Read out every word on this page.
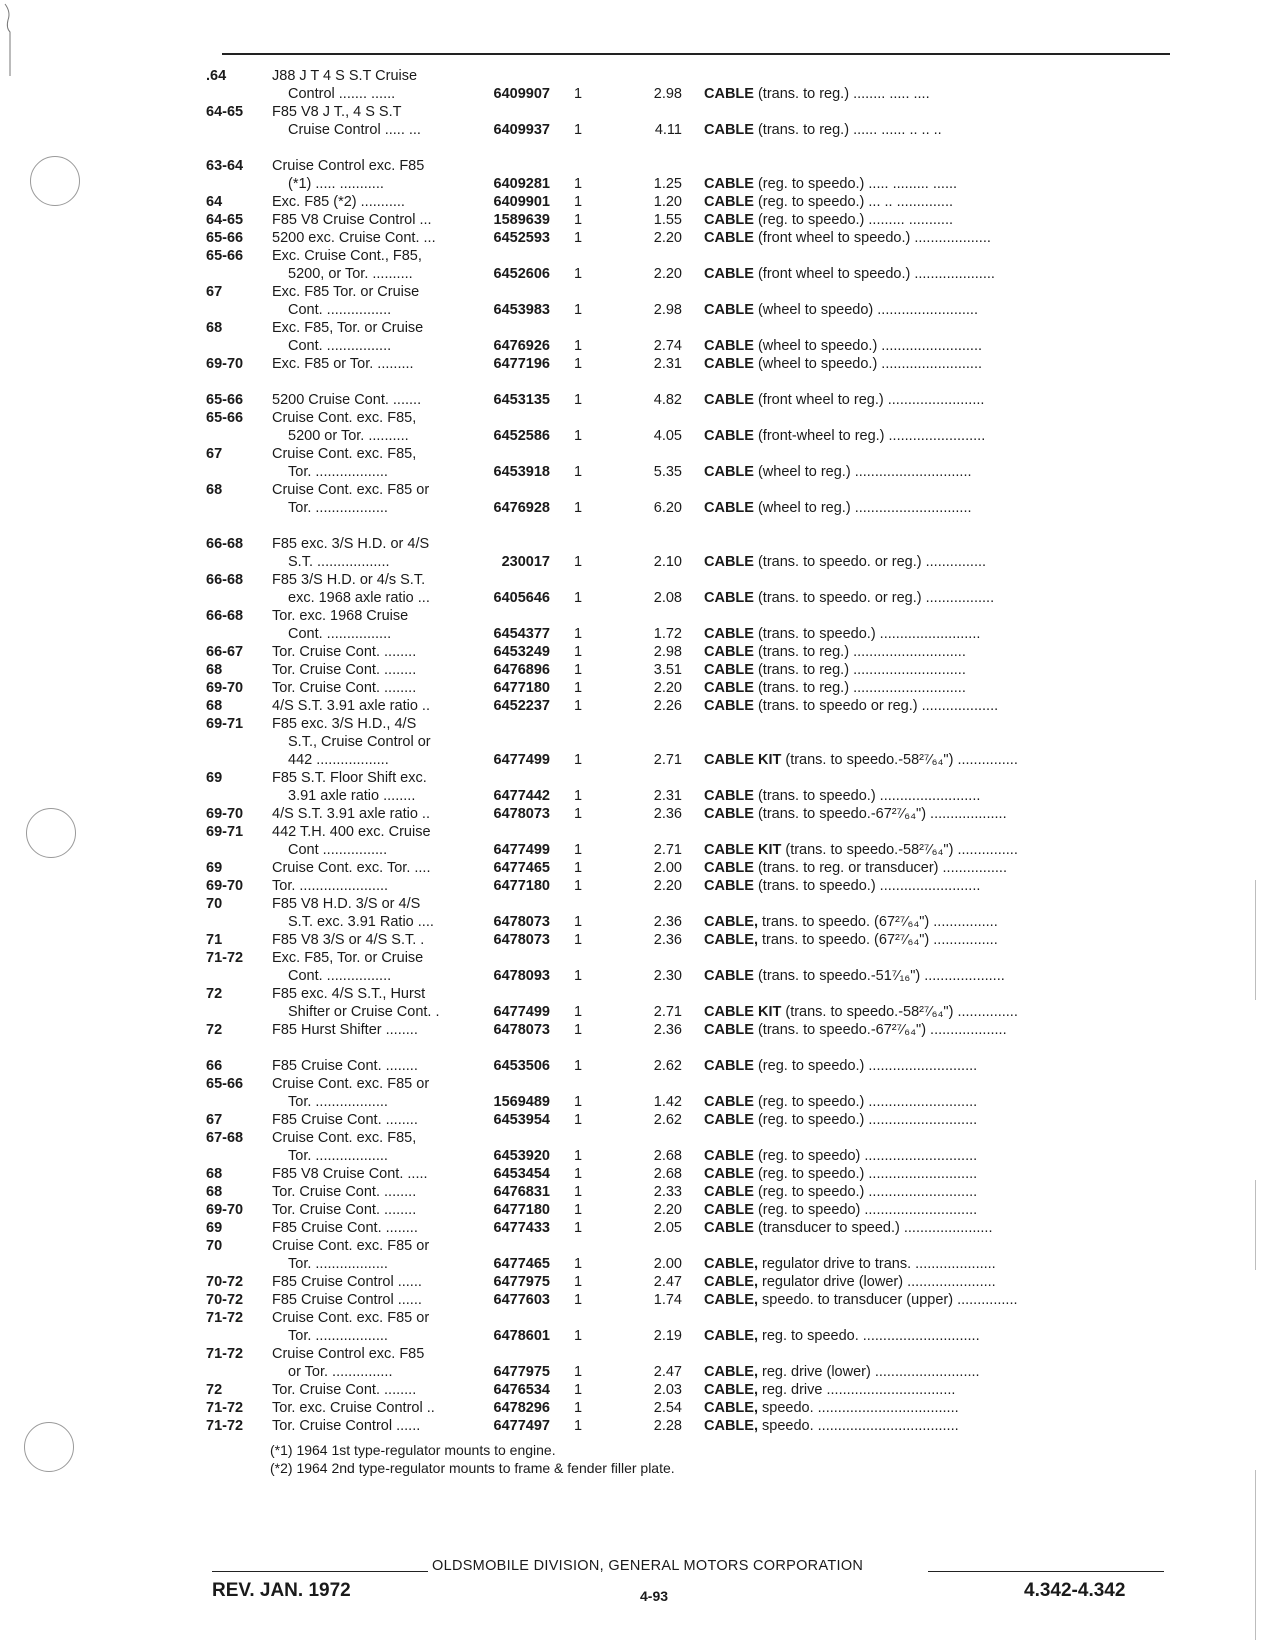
.64	J88 J T 4 S S.T Cruise
Control ....... ......	6409907	1	2.98 CABLE (trans. to reg.) ........ ..... ....
64-65 F85 V8 J T., 4 S S.T
Cruise Control ..... ...	6409937	1	4.11 CABLE (trans. to reg.) ...... ...... .. .. ..
63-64 Cruise Control exc. F85
(*1) ..... ...........	6409281	1	1.25 CABLE (reg. to speedo.) ..... ......... ......
64	Exc. F85 (*2) ...........	6409901	1	1.20 CABLE (reg. to speedo.) ... .. ..............
64-65 F85 V8 Cruise Control ...	1589639	1	1.55 CABLE (reg. to speedo.) ......... ...........
65-66 5200 exc. Cruise Cont. ...	6452593	1	2.20 CABLE (front wheel to speedo.) ...................
65-66 Exc. Cruise Cont., F85,
5200, or Tor. ..........	6452606	1	2.20 CABLE (front wheel to speedo.) ....................
67	Exc. F85 Tor. or Cruise
Cont. ................	6453983	1	2.98 CABLE (wheel to speedo) .........................
68	Exc. F85, Tor. or Cruise
Cont. ................	6476926	1	2.74 CABLE (wheel to speedo.) .........................
69-70 Exc. F85 or Tor. .........	6477196	1	2.31 CABLE (wheel to speedo.) .........................
65-66 5200 Cruise Cont. .......	6453135	1	4.82 CABLE (front wheel to reg.) ........................
65-66 Cruise Cont. exc. F85,
5200 or Tor. ..........	6452586	1	4.05 CABLE (front-wheel to reg.) ........................
67	Cruise Cont. exc. F85,
Tor. ..................	6453918	1	5.35 CABLE (wheel to reg.) .............................
68	Cruise Cont. exc. F85 or
Tor. ..................	6476928	1	6.20 CABLE (wheel to reg.) .............................
66-68 F85 exc. 3/S H.D. or 4/S
S.T. ..................	230017	1	2.10 CABLE (trans. to speedo. or reg.) ...............
66-68 F85 3/S H.D. or 4/s S.T.
exc. 1968 axle ratio ...	6405646	1	2.08 CABLE (trans. to speedo. or reg.) .................
66-68 Tor. exc. 1968 Cruise
Cont. ................	6454377	1	1.72 CABLE (trans. to speedo.) .........................
66-67 Tor. Cruise Cont. ........	6453249	1	2.98 CABLE (trans. to reg.) ............................
68	Tor. Cruise Cont. ........	6476896	1	3.51 CABLE (trans. to reg.) ............................
69-70 Tor. Cruise Cont. ........	6477180	1	2.20 CABLE (trans. to reg.) ............................
68	4/S S.T. 3.91 axle ratio ..	6452237	1	2.26 CABLE (trans. to speedo or reg.) ...................
69-71 F85 exc. 3/S H.D., 4/S
S.T., Cruise Control or
442 ..................	6477499	1	2.71 CABLE KIT (trans. to speedo.-58²⁷⁄₆₄") ...............
69	F85 S.T. Floor Shift exc.
3.91 axle ratio ........	6477442	1	2.31 CABLE (trans. to speedo.) .........................
69-70 4/S S.T. 3.91 axle ratio ..	6478073	1	2.36 CABLE (trans. to speedo.-67²⁷⁄₆₄") ...................
69-71 442 T.H. 400 exc. Cruise
Cont ................	6477499	1	2.71 CABLE KIT (trans. to speedo.-58²⁷⁄₆₄") ...............
69	Cruise Cont. exc. Tor. ....	6477465	1	2.00 CABLE (trans. to reg. or transducer) ................
69-70 Tor. ......................	6477180	1	2.20 CABLE (trans. to speedo.) .........................
70	F85 V8 H.D. 3/S or 4/S
S.T. exc. 3.91 Ratio ....	6478073	1	2.36 CABLE, trans. to speedo. (67²⁷⁄₆₄") ................
71	F85 V8 3/S or 4/S S.T. .	6478073	1	2.36 CABLE, trans. to speedo. (67²⁷⁄₆₄") ................
71-72 Exc. F85, Tor. or Cruise
Cont. ................	6478093	1	2.30 CABLE (trans. to speedo.-51⁷⁄₁₆") ....................
72	F85 exc. 4/S S.T., Hurst
Shifter or Cruise Cont. .	6477499	1	2.71 CABLE KIT (trans. to speedo.-58²⁷⁄₆₄") ...............
72	F85 Hurst Shifter ........	6478073	1	2.36 CABLE (trans. to speedo.-67²⁷⁄₆₄") ...................
66	F85 Cruise Cont. ........	6453506	1	2.62 CABLE (reg. to speedo.) ...........................
65-66 Cruise Cont. exc. F85 or
Tor. ..................	1569489	1	1.42 CABLE (reg. to speedo.) ...........................
67	F85 Cruise Cont. ........	6453954	1	2.62 CABLE (reg. to speedo.) ...........................
67-68 Cruise Cont. exc. F85,
Tor. ..................	6453920	1	2.68 CABLE (reg. to speedo) ............................
68	F85 V8 Cruise Cont. .....	6453454	1	2.68 CABLE (reg. to speedo.) ...........................
68	Tor. Cruise Cont. ........	6476831	1	2.33 CABLE (reg. to speedo.) ...........................
69-70 Tor. Cruise Cont. ........	6477180	1	2.20 CABLE (reg. to speedo) ............................
69	F85 Cruise Cont. ........	6477433	1	2.05 CABLE (transducer to speed.) ......................
70	Cruise Cont. exc. F85 or
Tor. ..................	6477465	1	2.00 CABLE, regulator drive to trans. ....................
70-72 F85 Cruise Control ......	6477975	1	2.47 CABLE, regulator drive (lower) ......................
70-72 F85 Cruise Control ......	6477603	1	1.74 CABLE, speedo. to transducer (upper) ...............
71-72 Cruise Cont. exc. F85 or
Tor. ..................	6478601	1	2.19 CABLE, reg. to speedo. .............................
71-72 Cruise Control exc. F85
or Tor. ...............	6477975	1	2.47 CABLE, reg. drive (lower) ..........................
72	Tor. Cruise Cont. ........	6476534	1	2.03 CABLE, reg. drive ................................
71-72 Tor. exc. Cruise Control ..	6478296	1	2.54 CABLE, speedo. ...................................
71-72 Tor. Cruise Control ......	6477497	1	2.28 CABLE, speedo. ...................................
(*1) 1964 1st type-regulator mounts to engine.
(*2) 1964 2nd type-regulator mounts to frame & fender filler plate.
OLDSMOBILE DIVISION, GENERAL MOTORS CORPORATION
REV. JAN. 1972	4-93	4.342-4.342
